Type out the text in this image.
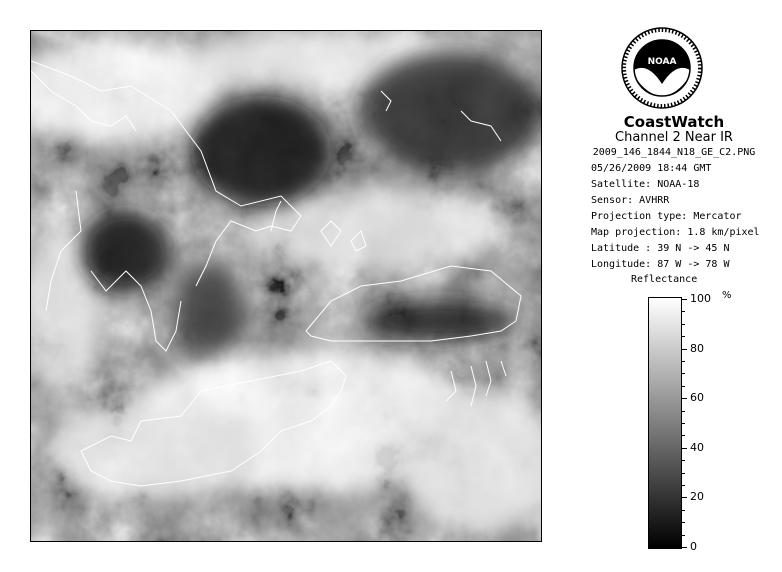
NOAA
CoastWatch
Channel 2 Near IR
2009_146_1844_N18_GE_C2.PNG
05/26/2009 18:44 GMT
Satellite: NOAA-18
Sensor: AVHRR
Projection type: Mercator
Map projection: 1.8 km/pixel
Latitude : 39 N -> 45 N
Longitude: 87 W -> 78 W
Reflectance
%
100
80
60
40
20
0
